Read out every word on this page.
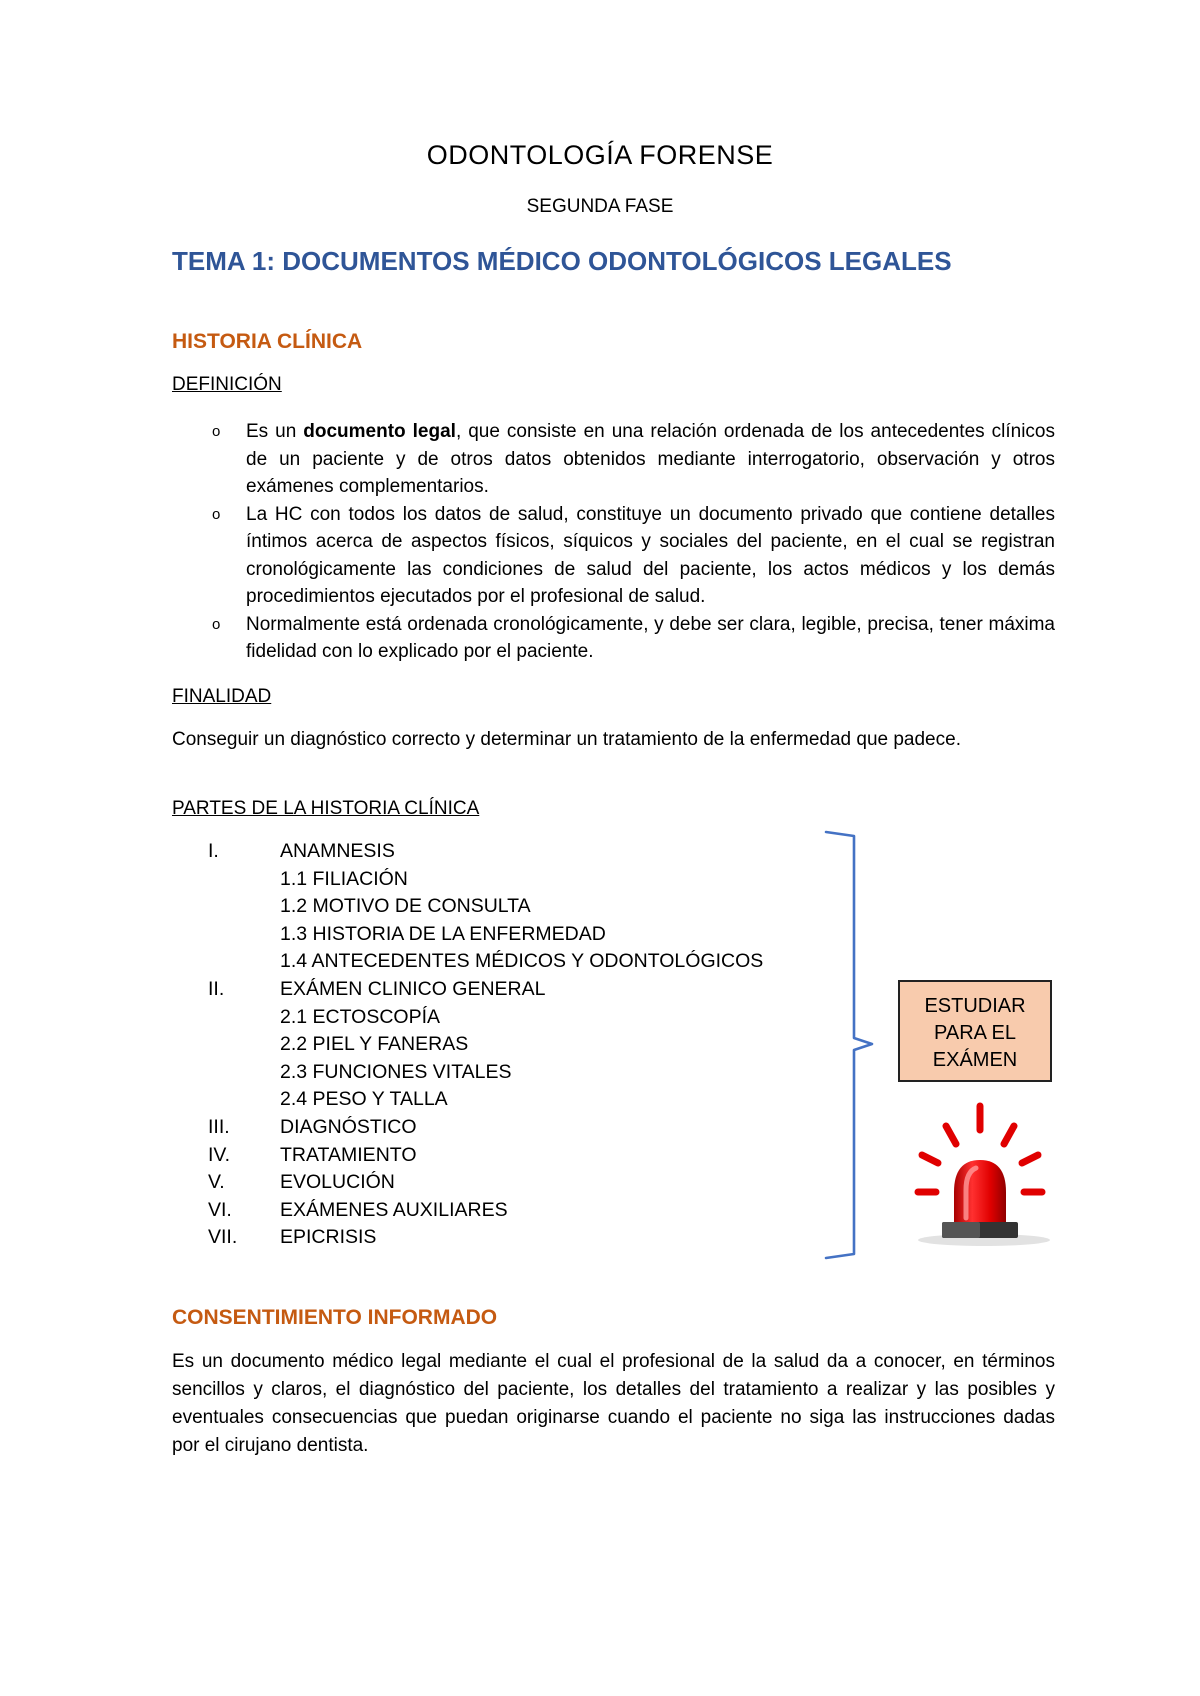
ODONTOLOGÍA FORENSE
SEGUNDA FASE
TEMA 1: DOCUMENTOS MÉDICO ODONTOLÓGICOS LEGALES
HISTORIA CLÍNICA
DEFINICIÓN
o Es un documento legal, que consiste en una relación ordenada de los antecedentes clínicos de un paciente y de otros datos obtenidos mediante interrogatorio, observación y otros exámenes complementarios.
o La HC con todos los datos de salud, constituye un documento privado que contiene detalles íntimos acerca de aspectos físicos, síquicos y sociales del paciente, en el cual se registran cronológicamente las condiciones de salud del paciente, los actos médicos y los demás procedimientos ejecutados por el profesional de salud.
o Normalmente está ordenada cronológicamente, y debe ser clara, legible, precisa, tener máxima fidelidad con lo explicado por el paciente.
FINALIDAD

Conseguir un diagnóstico correcto y determinar un tratamiento de la enfermedad que padece.

PARTES DE LA HISTORIA CLÍNICA
I.	ANAMNESIS
1.1 FILIACIÓN
1.2 MOTIVO DE CONSULTA
1.3 HISTORIA DE LA ENFERMEDAD
1.4 ANTECEDENTES MÉDICOS Y ODONTOLÓGICOS
II.	EXÁMEN CLINICO GENERAL
2.1 ECTOSCOPÍA
2.2 PIEL Y FANERAS
2.3 FUNCIONES VITALES
2.4 PESO Y TALLA
III.	DIAGNÓSTICO
IV.	TRATAMIENTO
V.	EVOLUCIÓN
VI. EXÁMENES AUXILIARES
VII. EPICRISIS
ESTUDIAR
PARA EL
EXÁMEN
CONSENTIMIENTO INFORMADO

Es un documento médico legal mediante el cual el profesional de la salud da a conocer, en términos sencillos y claros, el diagnóstico del paciente, los detalles del tratamiento a realizar y las posibles y eventuales consecuencias que puedan originarse cuando el paciente no siga las instrucciones dadas por el cirujano dentista.
